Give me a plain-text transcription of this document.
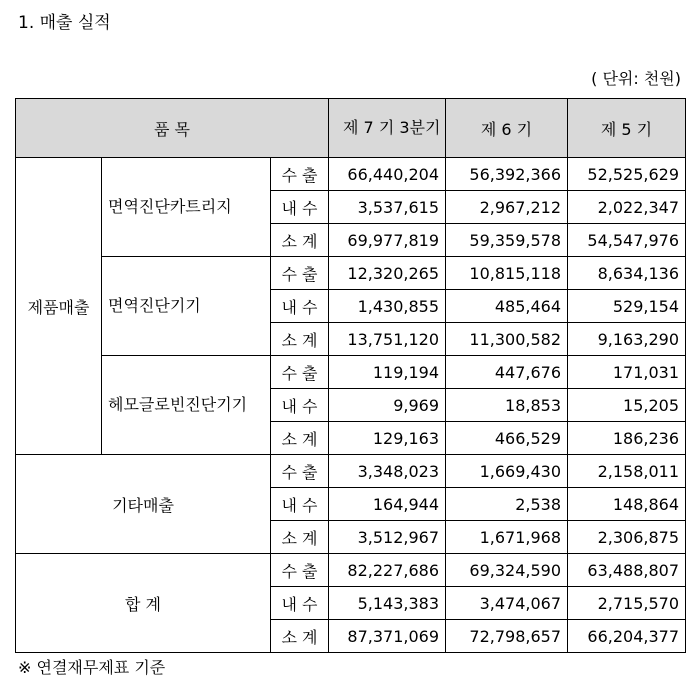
1. 매출 실적
( 단위: 천원)
품 목			제 7 기 3분기	제 6 기	제 5 기
제품매출	면역진단카트리지	수 출	66,440,204	56,392,366	52,525,629
		내 수	3,537,615	2,967,212	2,022,347
		소 계	69,977,819	59,359,578	54,547,976
	면역진단기기	수 출	12,320,265	10,815,118	8,634,136
		내 수	1,430,855	485,464	529,154
		소 계	13,751,120	11,300,582	9,163,290
	헤모글로빈진단기기	수 출	119,194	447,676	171,031
		내 수	9,969	18,853	15,205
		소 계	129,163	466,529	186,236
기타매출		수 출	3,348,023	1,669,430	2,158,011
		내 수	164,944	2,538	148,864
		소 계	3,512,967	1,671,968	2,306,875
합 계		수 출	82,227,686	69,324,590	63,488,807
		내 수	5,143,383	3,474,067	2,715,570
		소 계	87,371,069	72,798,657	66,204,377
※ 연결재무제표 기준
